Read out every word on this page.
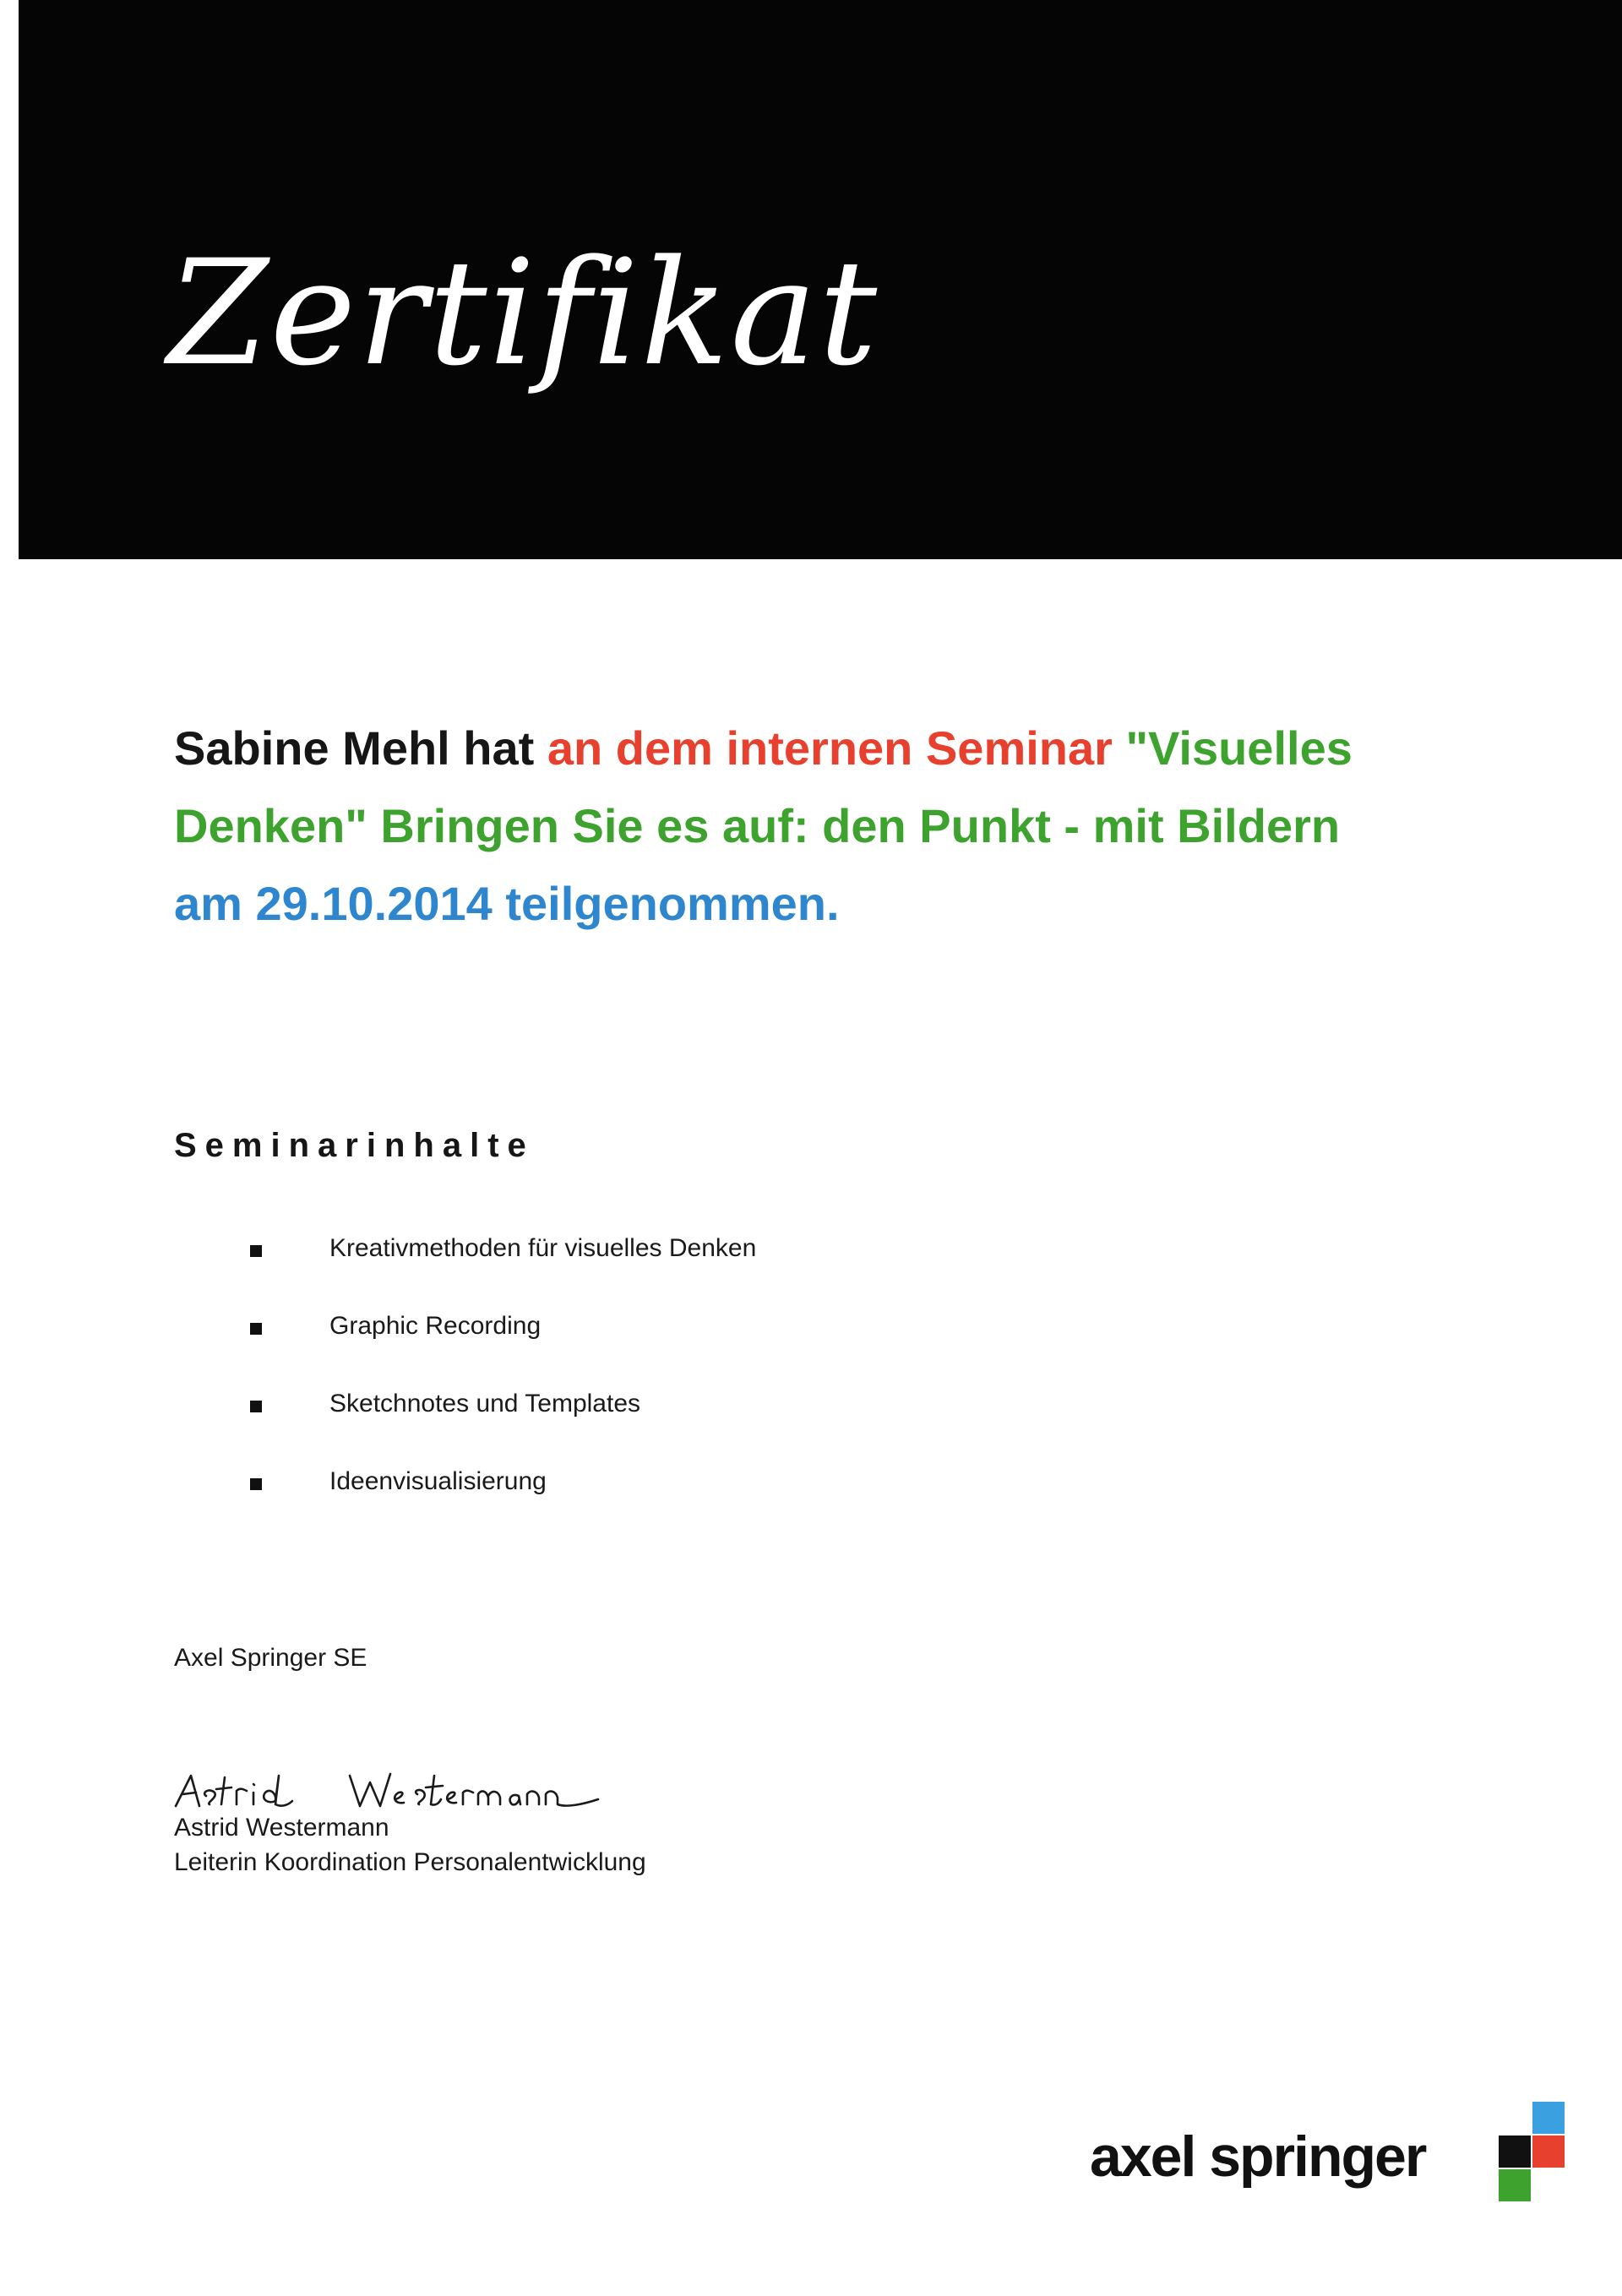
Zertifikat

Sabine Mehl hat an dem internen Seminar "Visuelles Denken" Bringen Sie es auf: den Punkt - mit Bildern am 29.10.2014 teilgenommen.

Seminarinhalte
Kreativmethoden für visuelles Denken
Graphic Recording
Sketchnotes und Templates
Ideenvisualisierung

Axel Springer SE

Astrid Westermann

Leiterin Koordination Personalentwicklung

axel springer
